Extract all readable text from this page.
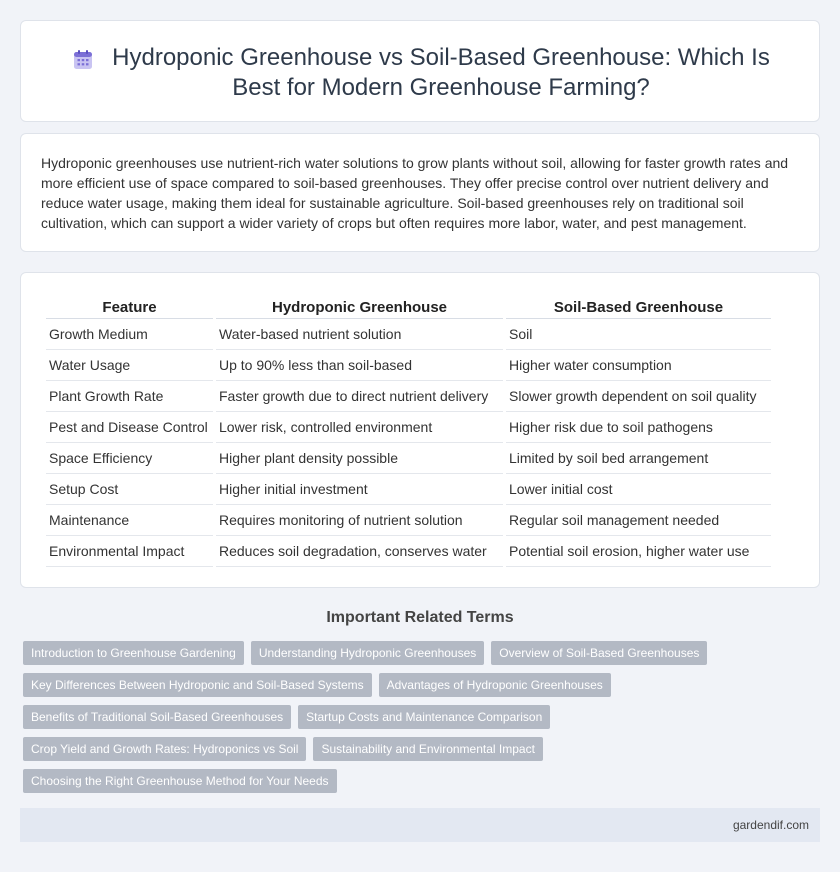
Hydroponic Greenhouse vs Soil-Based Greenhouse: Which Is Best for Modern Greenhouse Farming?

Hydroponic greenhouses use nutrient-rich water solutions to grow plants without soil, allowing for faster growth rates and more efficient use of space compared to soil-based greenhouses. They offer precise control over nutrient delivery and reduce water usage, making them ideal for sustainable agriculture. Soil-based greenhouses rely on traditional soil cultivation, which can support a wider variety of crops but often requires more labor, water, and pest management.

Feature	Hydroponic Greenhouse	Soil-Based Greenhouse
Growth Medium	Water-based nutrient solution	Soil
Water Usage	Up to 90% less than soil-based	Higher water consumption
Plant Growth Rate	Faster growth due to direct nutrient delivery	Slower growth dependent on soil quality
Pest and Disease Control	Lower risk, controlled environment	Higher risk due to soil pathogens
Space Efficiency	Higher plant density possible	Limited by soil bed arrangement
Setup Cost	Higher initial investment	Lower initial cost
Maintenance	Requires monitoring of nutrient solution	Regular soil management needed
Environmental Impact	Reduces soil degradation, conserves water	Potential soil erosion, higher water use
Important Related Terms
Introduction to Greenhouse Gardening	Understanding Hydroponic Greenhouses	Overview of Soil-Based Greenhouses
Key Differences Between Hydroponic and Soil-Based Systems	Advantages of Hydroponic Greenhouses
Benefits of Traditional Soil-Based Greenhouses	Startup Costs and Maintenance Comparison
Crop Yield and Growth Rates: Hydroponics vs Soil	Sustainability and Environmental Impact
Choosing the Right Greenhouse Method for Your Needs
gardendif.com
